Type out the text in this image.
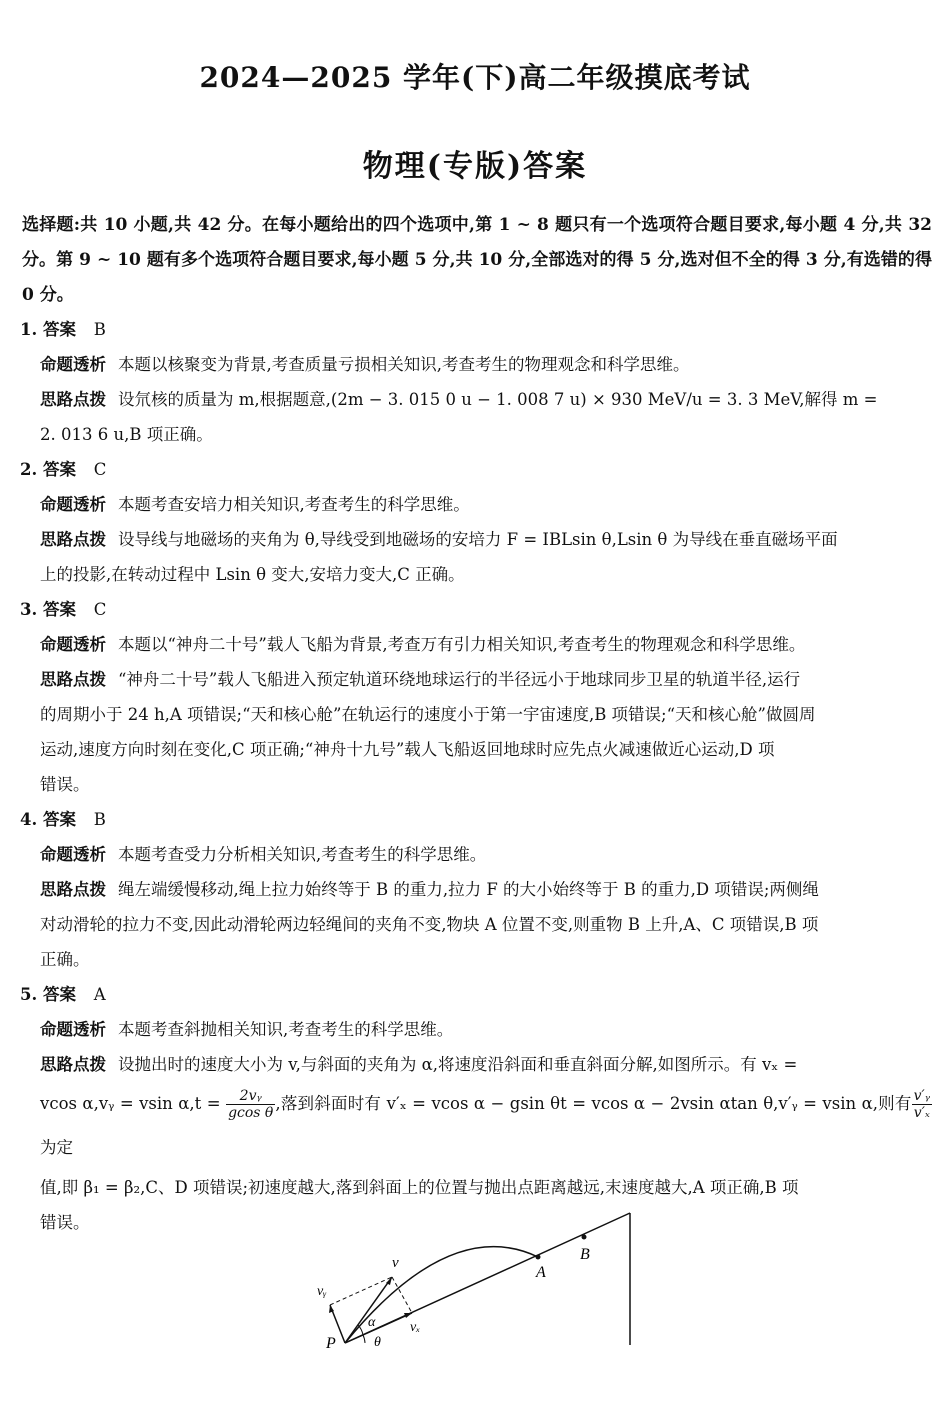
2024—2025 学年(下)高二年级摸底考试
物理(专版)答案
选择题:共 10 小题,共 42 分。在每小题给出的四个选项中,第 1 ~ 8 题只有一个选项符合题目要求,每小题 4 分,共 32 分。第 9 ~ 10 题有多个选项符合题目要求,每小题 5 分,共 10 分,全部选对的得 5 分,选对但不全的得 3 分,有选错的得 0 分。
1. 答案 B
命题透析 本题以核聚变为背景,考查质量亏损相关知识,考查考生的物理观念和科学思维。
思路点拨 设氘核的质量为 m,根据题意,(2m − 3. 015 0 u − 1. 008 7 u) × 930 MeV/u = 3. 3 MeV,解得 m =
2. 013 6 u,B 项正确。
2. 答案 C
命题透析 本题考查安培力相关知识,考查考生的科学思维。
思路点拨 设导线与地磁场的夹角为 θ,导线受到地磁场的安培力 F = IBLsin θ,Lsin θ 为导线在垂直磁场平面
上的投影,在转动过程中 Lsin θ 变大,安培力变大,C 正确。
3. 答案 C
命题透析 本题以“神舟二十号”载人飞船为背景,考查万有引力相关知识,考查考生的物理观念和科学思维。
思路点拨 “神舟二十号”载人飞船进入预定轨道环绕地球运行的半径远小于地球同步卫星的轨道半径,运行
的周期小于 24 h,A 项错误;“天和核心舱”在轨运行的速度小于第一宇宙速度,B 项错误;“天和核心舱”做圆周
运动,速度方向时刻在变化,C 项正确;“神舟十九号”载人飞船返回地球时应先点火减速做近心运动,D 项
错误。
4. 答案 B
命题透析 本题考查受力分析相关知识,考查考生的科学思维。
思路点拨 绳左端缓慢移动,绳上拉力始终等于 B 的重力,拉力 F 的大小始终等于 B 的重力,D 项错误;两侧绳
对动滑轮的拉力不变,因此动滑轮两边轻绳间的夹角不变,物块 A 位置不变,则重物 B 上升,A、C 项错误,B 项
正确。
5. 答案 A
命题透析 本题考查斜抛相关知识,考查考生的科学思维。
思路点拨 设抛出时的速度大小为 v,与斜面的夹角为 α,将速度沿斜面和垂直斜面分解,如图所示。有 vₓ =
vcos α,vᵧ = vsin $\alpha,t = \frac{\text{2vᵧ}}{\text{gcos θ}}$ ,落到斜面时有 v′ₓ = vcos α − gsin θt = vcos α − 2vsin αtan θ,v′ᵧ = vsin α,则有 $\frac{\text{v′ᵧ}}{\text{v′ₓ}}$
为定
值,即 β₁ = β₂,C、D 项错误;初速度越大,落到斜面上的位置与抛出点距离越远,末速度越大,A 项正确,B 项
错误。
v
vᵧ
vₓ
α
θ
A
B
P
